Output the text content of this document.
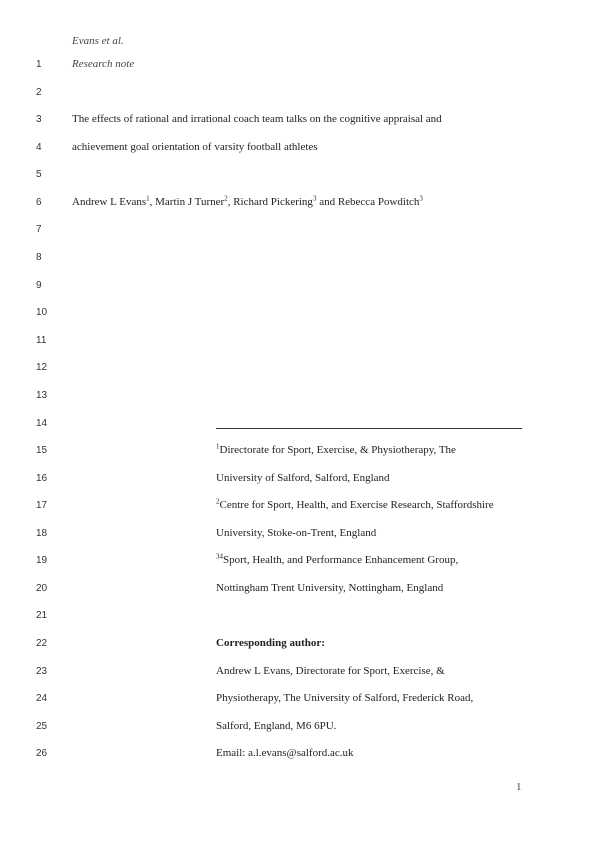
Evans et al.
1
2
3
4
5
6
7
8
9
10
11
12
13
14
15
16
17
18
19
20
21
22
23
24
25
26
Research note
The effects of rational and irrational coach team talks on the cognitive appraisal and
achievement goal orientation of varsity football athletes
Andrew L Evans$^1$, Martin J Turner$^2$, Richard Pickering$^3$ and Rebecca Powditch$^3$
$^1$Directorate for Sport, Exercise, & Physiotherapy, The
University of Salford, Salford, England
$^2$Centre for Sport, Health, and Exercise Research, Staffordshire
University, Stoke-on-Trent, England
$^{34}$Sport, Health, and Performance Enhancement Group,
Nottingham Trent University, Nottingham, England
Corresponding author:
Andrew L Evans, Directorate for Sport, Exercise, &
Physiotherapy, The University of Salford, Frederick Road,
Salford, England, M6 6PU.
Email: a.l.evans@salford.ac.uk
1
